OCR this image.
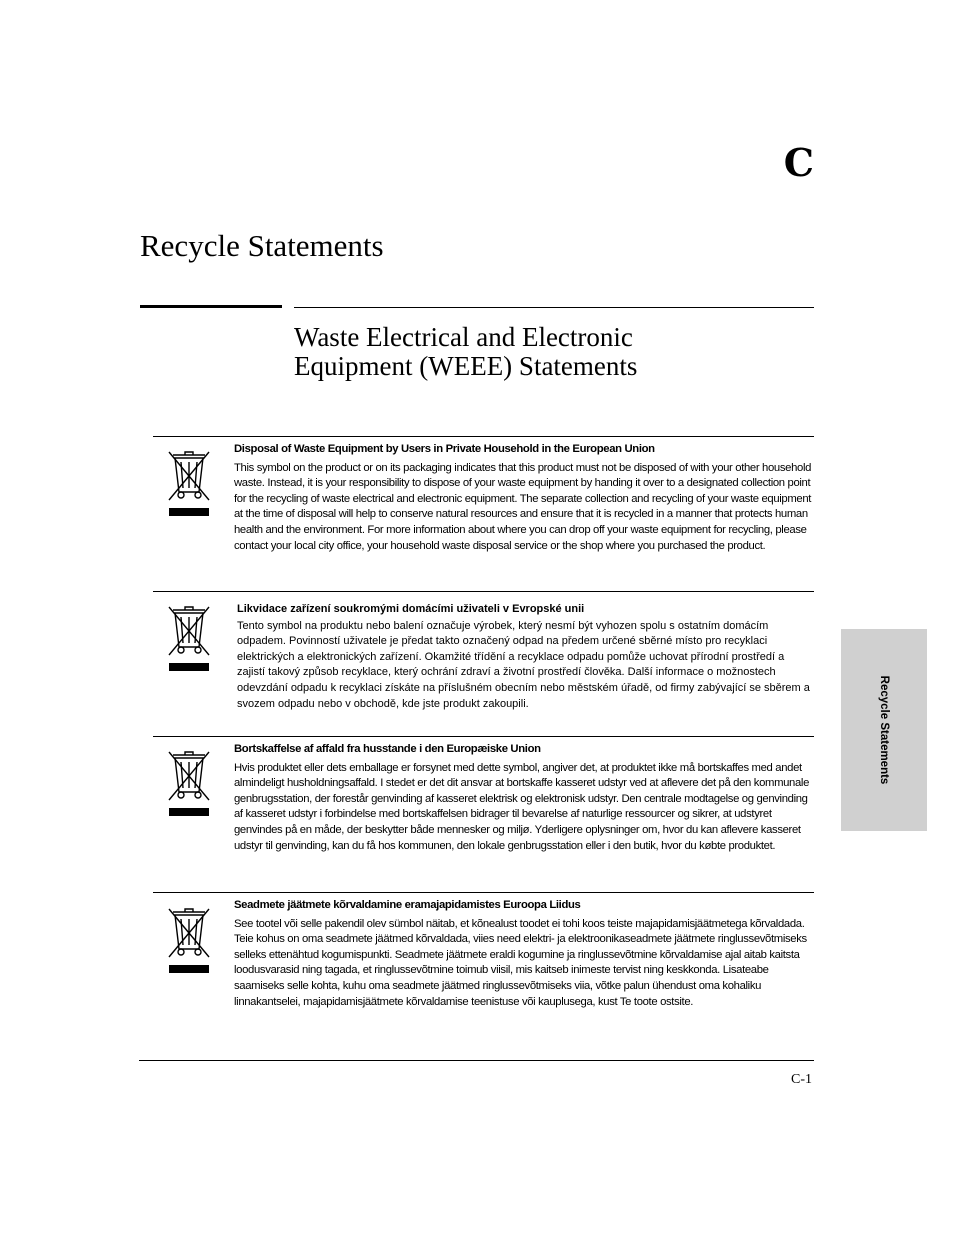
C
Recycle Statements
Waste Electrical and Electronic
Equipment (WEEE) Statements
Disposal of Waste Equipment by Users in Private Household in the European Union

This symbol on the product or on its packaging indicates that this product must not be disposed of with your other household waste. Instead, it is your responsibility to dispose of your waste equipment by handing it over to a designated collection point for the recycling of waste electrical and electronic equipment. The separate collection and recycling of your waste equipment at the time of disposal will help to conserve natural resources and ensure that it is recycled in a manner that protects human health and the environment. For more information about where you can drop off your waste equipment for recycling, please contact your local city office, your household waste disposal service or the shop where you purchased the product.

Likvidace zařízení soukromými domácími uživateli v Evropské unii

Tento symbol na produktu nebo balení označuje výrobek, který nesmí být vyhozen spolu s ostatním domácím odpadem. Povinností uživatele je předat takto označený odpad na předem určené sběrné místo pro recyklaci elektrických a elektronických zařízení. Okamžité třídění a recyklace odpadu pomůže uchovat přírodní prostředí a zajistí takový způsob recyklace, který ochrání zdraví a životní prostředí člověka. Další informace o možnostech odevzdání odpadu k recyklaci získáte na příslušném obecním nebo městském úřadě, od firmy zabývající se sběrem a svozem odpadu nebo v obchodě, kde jste produkt zakoupili.

Bortskaffelse af affald fra husstande i den Europæiske Union

Hvis produktet eller dets emballage er forsynet med dette symbol, angiver det, at produktet ikke må bortskaffes med andet almindeligt husholdningsaffald. I stedet er det dit ansvar at bortskaffe kasseret udstyr ved at aflevere det på den kommunale genbrugsstation, der forestår genvinding af kasseret elektrisk og elektronisk udstyr. Den centrale modtagelse og genvinding af kasseret udstyr i forbindelse med bortskaffelsen bidrager til bevarelse af naturlige ressourcer og sikrer, at udstyret genvindes på en måde, der beskytter både mennesker og miljø. Yderligere oplysninger om, hvor du kan aflevere kasseret udstyr til genvinding, kan du få hos kommunen, den lokale genbrugsstation eller i den butik, hvor du købte produktet.

Seadmete jäätmete kõrvaldamine eramajapidamistes Euroopa Liidus

See tootel või selle pakendil olev sümbol näitab, et kõnealust toodet ei tohi koos teiste majapidamisjäätmetega kõrvaldada. Teie kohus on oma seadmete jäätmed kõrvaldada, viies need elektri- ja elektroonikaseadmete jäätmete ringlussevõtmiseks selleks ettenähtud kogumispunkti. Seadmete jäätmete eraldi kogumine ja ringlussevõtmine kõrvaldamise ajal aitab kaitsta loodusvarasid ning tagada, et ringlussevõtmine toimub viisil, mis kaitseb inimeste tervist ning keskkonda. Lisateabe saamiseks selle kohta, kuhu oma seadmete jäätmed ringlussevõtmiseks viia, võtke palun ühendust oma kohaliku linnakantselei, majapidamisjäätmete kõrvaldamise teenistuse või kauplusega, kust Te toote ostsite.

C-1
Recycle Statements
